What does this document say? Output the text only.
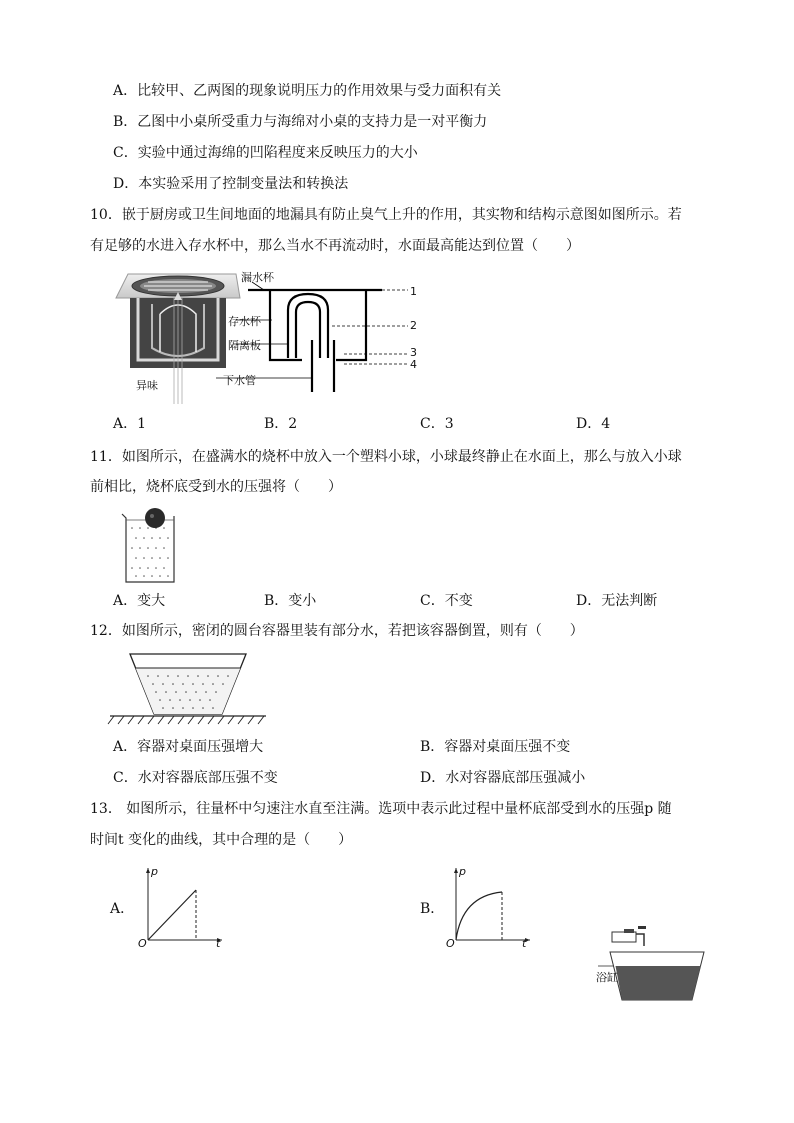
A．比较甲、乙两图的现象说明压力的作用效果与受力面积有关
B．乙图中小桌所受重力与海绵对小桌的支持力是一对平衡力
C．实验中通过海绵的凹陷程度来反映压力的大小
D．本实验采用了控制变量法和转换法
10．嵌于厨房或卫生间地面的地漏具有防止臭气上升的作用，其实物和结构示意图如图所示。若
有足够的水进入存水杯中，那么当水不再流动时，水面最高能达到位置（　　）
异味
漏水杯
1
存水杯	2
隔离板
3
4
下水管
A．1	B．2	C．3	D．4
11．如图所示，在盛满水的烧杯中放入一个塑料小球，小球最终静止在水面上，那么与放入小球
前相比，烧杯底受到水的压强将（　　）
A．变大	B．变小	C．不变	D．无法判断
12．如图所示，密闭的圆台容器里装有部分水，若把该容器倒置，则有（　　）
A．容器对桌面压强增大	B．容器对桌面压强不变
C．水对容器底部压强不变	D．水对容器底部压强减小
13． 如图所示，往量杯中匀速注水直至注满。选项中表示此过程中量杯底部受到水的压强p 随
时间t 变化的曲线，其中合理的是（　　）
A．
p
t
O
B．
p
t
O
浴缸
